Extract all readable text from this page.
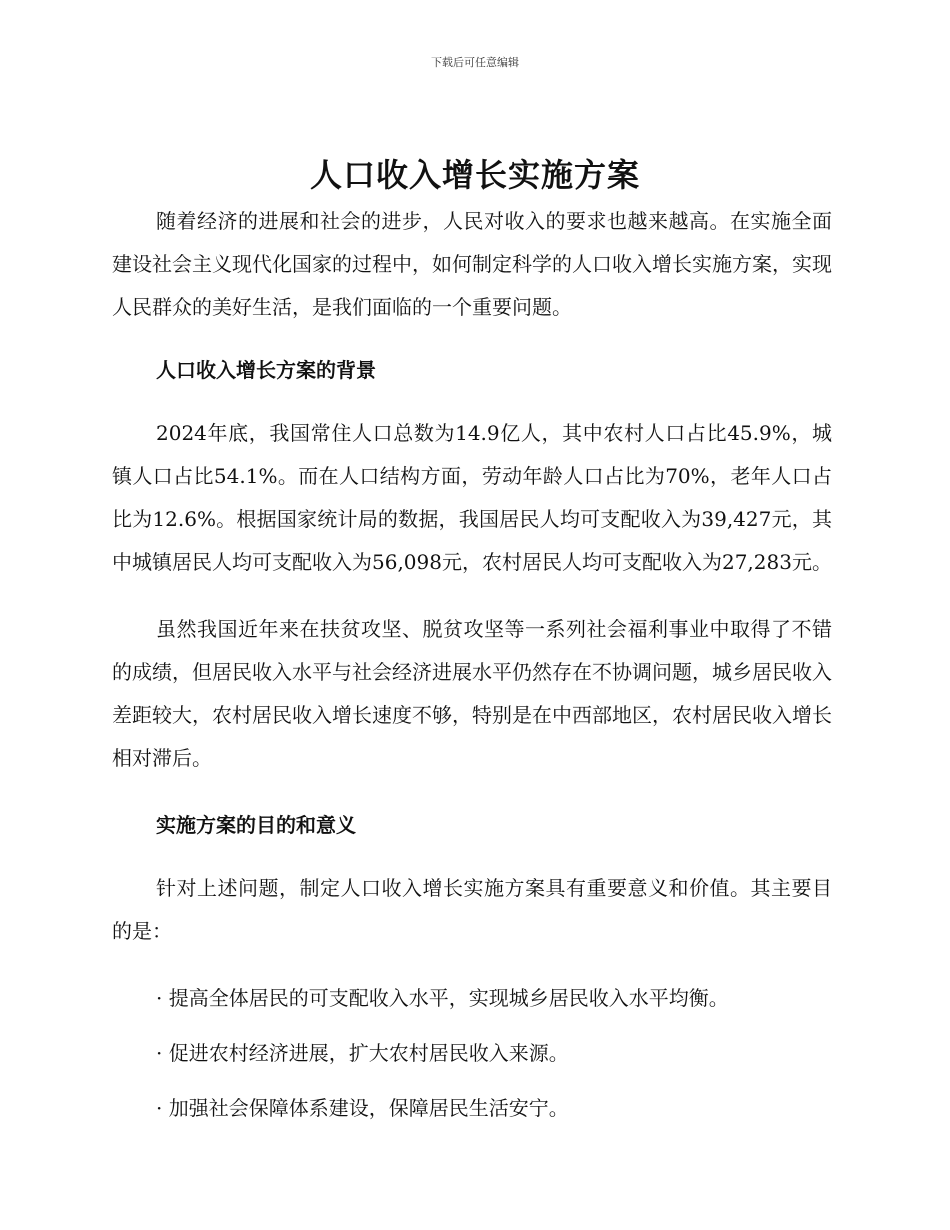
下载后可任意编辑
人口收入增长实施方案

随着经济的进展和社会的进步，人民对收入的要求也越来越高。在实施全面建设社会主义现代化国家的过程中，如何制定科学的人口收入增长实施方案，实现人民群众的美好生活，是我们面临的一个重要问题。

人口收入增长方案的背景

2024年底，我国常住人口总数为14.9亿人，其中农村人口占比45.9%，城镇人口占比54.1%。而在人口结构方面，劳动年龄人口占比为70%，老年人口占比为12.6%。根据国家统计局的数据，我国居民人均可支配收入为39,427元，其中城镇居民人均可支配收入为56,098元，农村居民人均可支配收入为27,283元。

虽然我国近年来在扶贫攻坚、脱贫攻坚等一系列社会福利事业中取得了不错的成绩，但居民收入水平与社会经济进展水平仍然存在不协调问题，城乡居民收入差距较大，农村居民收入增长速度不够，特别是在中西部地区，农村居民收入增长相对滞后。

实施方案的目的和意义

针对上述问题，制定人口收入增长实施方案具有重要意义和价值。其主要目的是：

· 提高全体居民的可支配收入水平，实现城乡居民收入水平均衡。
· 促进农村经济进展，扩大农村居民收入来源。
· 加强社会保障体系建设，保障居民生活安宁。
